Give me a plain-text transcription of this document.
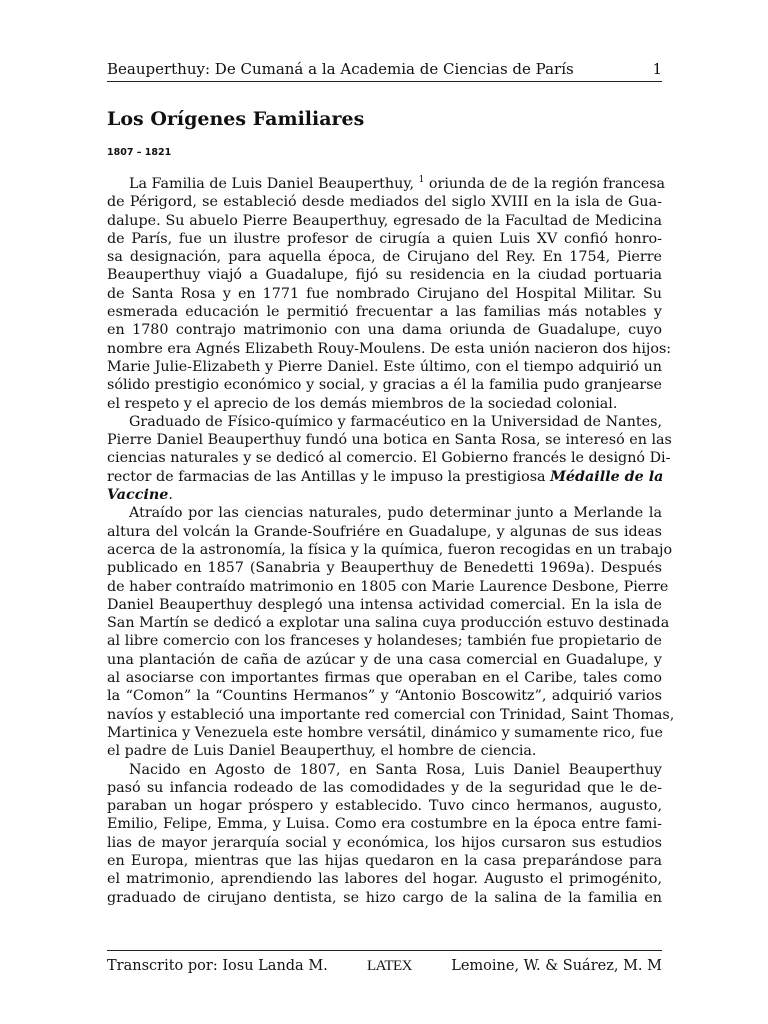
Beauperthuy: De Cumaná a la Academia de Ciencias de París	1
Los Orígenes Familiares
1807 – 1821
La Familia de Luis Daniel Beauperthuy, $^1$ oriunda de de la región francesa
de Périgord, se estableció desde mediados del siglo XVIII en la isla de Gua-
dalupe. Su abuelo Pierre Beauperthuy, egresado de la Facultad de Medicina
de París, fue un ilustre profesor de cirugía a quien Luis XV confió honro-
sa designación, para aquella época, de Cirujano del Rey. En 1754, Pierre
Beauperthuy viajó a Guadalupe, fijó su residencia en la ciudad portuaria
de Santa Rosa y en 1771 fue nombrado Cirujano del Hospital Militar. Su
esmerada educación le permitió frecuentar a las familias más notables y
en 1780 contrajo matrimonio con una dama oriunda de Guadalupe, cuyo
nombre era Agnés Elizabeth Rouy-Moulens. De esta unión nacieron dos hijos:
Marie Julie-Elizabeth y Pierre Daniel. Este último, con el tiempo adquirió un
sólido prestigio económico y social, y gracias a él la familia pudo granjearse
el respeto y el aprecio de los demás miembros de la sociedad colonial.
Graduado de Físico-químico y farmacéutico en la Universidad de Nantes,
Pierre Daniel Beauperthuy fundó una botica en Santa Rosa, se interesó en las
ciencias naturales y se dedicó al comercio. El Gobierno francés le designó Di-
rector de farmacias de las Antillas y le impuso la prestigiosa Médaille de la
Vaccine.
Atraído por las ciencias naturales, pudo determinar junto a Merlande la
altura del volcán la Grande-Soufriére en Guadalupe, y algunas de sus ideas
acerca de la astronomía, la física y la química, fueron recogidas en un trabajo
publicado en 1857 (Sanabria y Beauperthuy de Benedetti 1969a). Después
de haber contraído matrimonio en 1805 con Marie Laurence Desbone, Pierre
Daniel Beauperthuy desplegó una intensa actividad comercial. En la isla de
San Martín se dedicó a explotar una salina cuya producción estuvo destinada
al libre comercio con los franceses y holandeses; también fue propietario de
una plantación de caña de azúcar y de una casa comercial en Guadalupe, y
al asociarse con importantes firmas que operaban en el Caribe, tales como
la “Comon” la “Countins Hermanos” y “Antonio Boscowitz”, adquirió varios
navíos y estableció una importante red comercial con Trinidad, Saint Thomas,
Martinica y Venezuela este hombre versátil, dinámico y sumamente rico, fue
el padre de Luis Daniel Beauperthuy, el hombre de ciencia.
Nacido en Agosto de 1807, en Santa Rosa, Luis Daniel Beauperthuy
pasó su infancia rodeado de las comodidades y de la seguridad que le de-
paraban un hogar próspero y establecido. Tuvo cinco hermanos, augusto,
Emilio, Felipe, Emma, y Luisa. Como era costumbre en la época entre fami-
lias de mayor jerarquía social y económica, los hijos cursaron sus estudios
en Europa, mientras que las hijas quedaron en la casa preparándose para
el matrimonio, aprendiendo las labores del hogar. Augusto el primogénito,
graduado de cirujano dentista, se hizo cargo de la salina de la familia en
Transcrito por: Iosu Landa M.	LATEX	Lemoine, W. & Suárez, M. M
